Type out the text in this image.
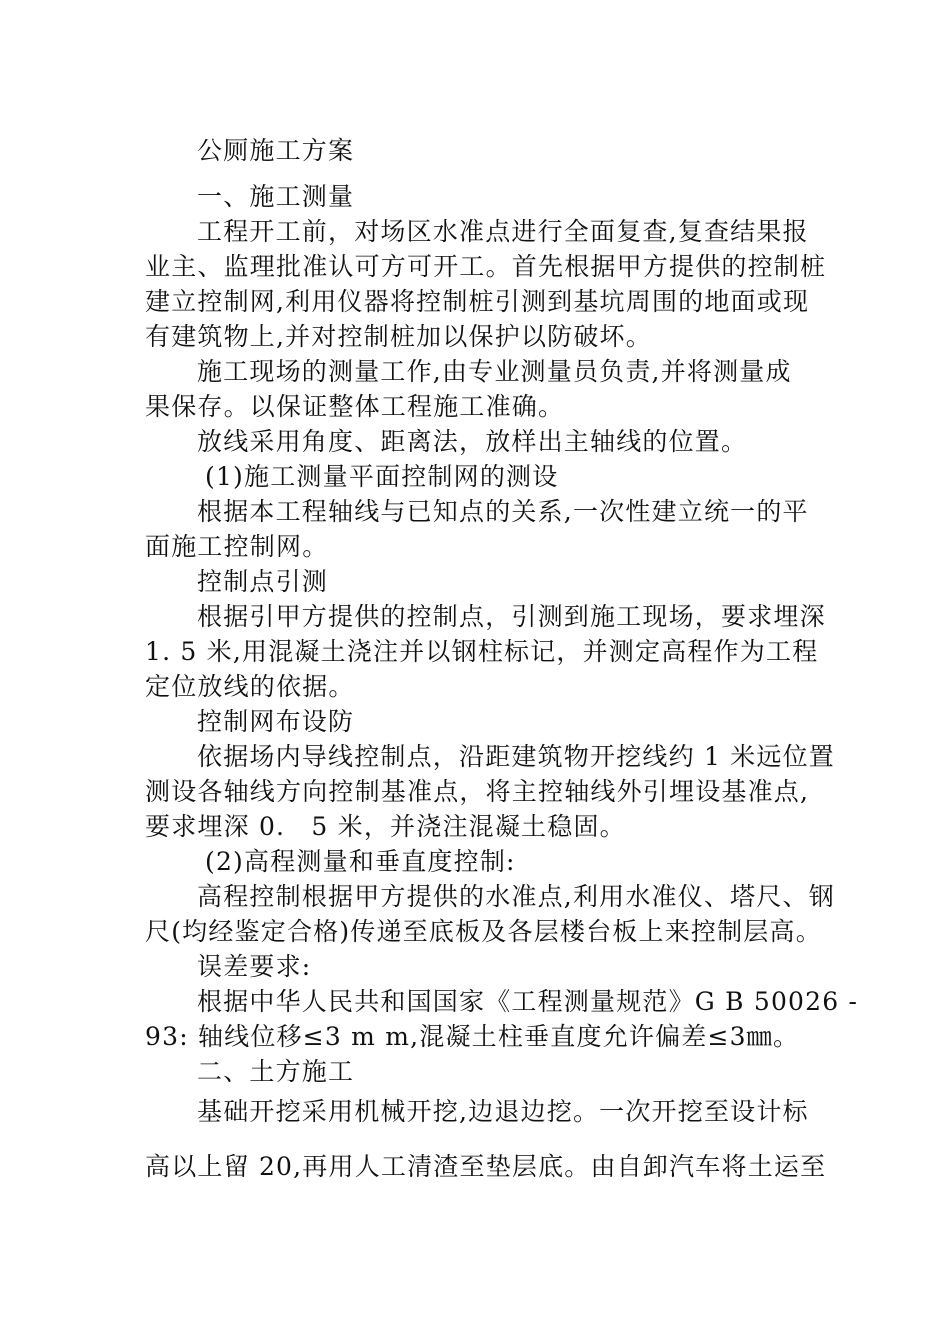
公厕施工方案
一、施工测量
工程开工前，对场区水准点进行全面复查,复查结果报
业主、监理批准认可方可开工。首先根据甲方提供的控制桩
建立控制网,利用仪器将控制桩引测到基坑周围的地面或现
有建筑物上,并对控制桩加以保护以防破坏。
施工现场的测量工作,由专业测量员负责,并将测量成
果保存。以保证整体工程施工准确。
放线采用角度、距离法，放样出主轴线的位置。
(1)施工测量平面控制网的测设
根据本工程轴线与已知点的关系,一次性建立统一的平
面施工控制网。
控制点引测
根据引甲方提供的控制点，引测到施工现场，要求埋深
1. 5 米,用混凝土浇注并以钢柱标记，并测定高程作为工程
定位放线的依据。
控制网布设防
依据场内导线控制点，沿距建筑物开挖线约 1 米远位置
测设各轴线方向控制基准点，将主控轴线外引埋设基准点,
要求埋深 0.　5 米，并浇注混凝土稳固。
(2)高程测量和垂直度控制:
高程控制根据甲方提供的水准点,利用水准仪、塔尺、钢
尺(均经鉴定合格)传递至底板及各层楼台板上来控制层高。
误差要求:
根据中华人民共和国国家《工程测量规范》G B 50026 -
93: 轴线位移≤3 m m,混凝土柱垂直度允许偏差≤3㎜。
二、土方施工
基础开挖采用机械开挖,边退边挖。一次开挖至设计标
高以上留 20,再用人工清渣至垫层底。由自卸汽车将土运至
